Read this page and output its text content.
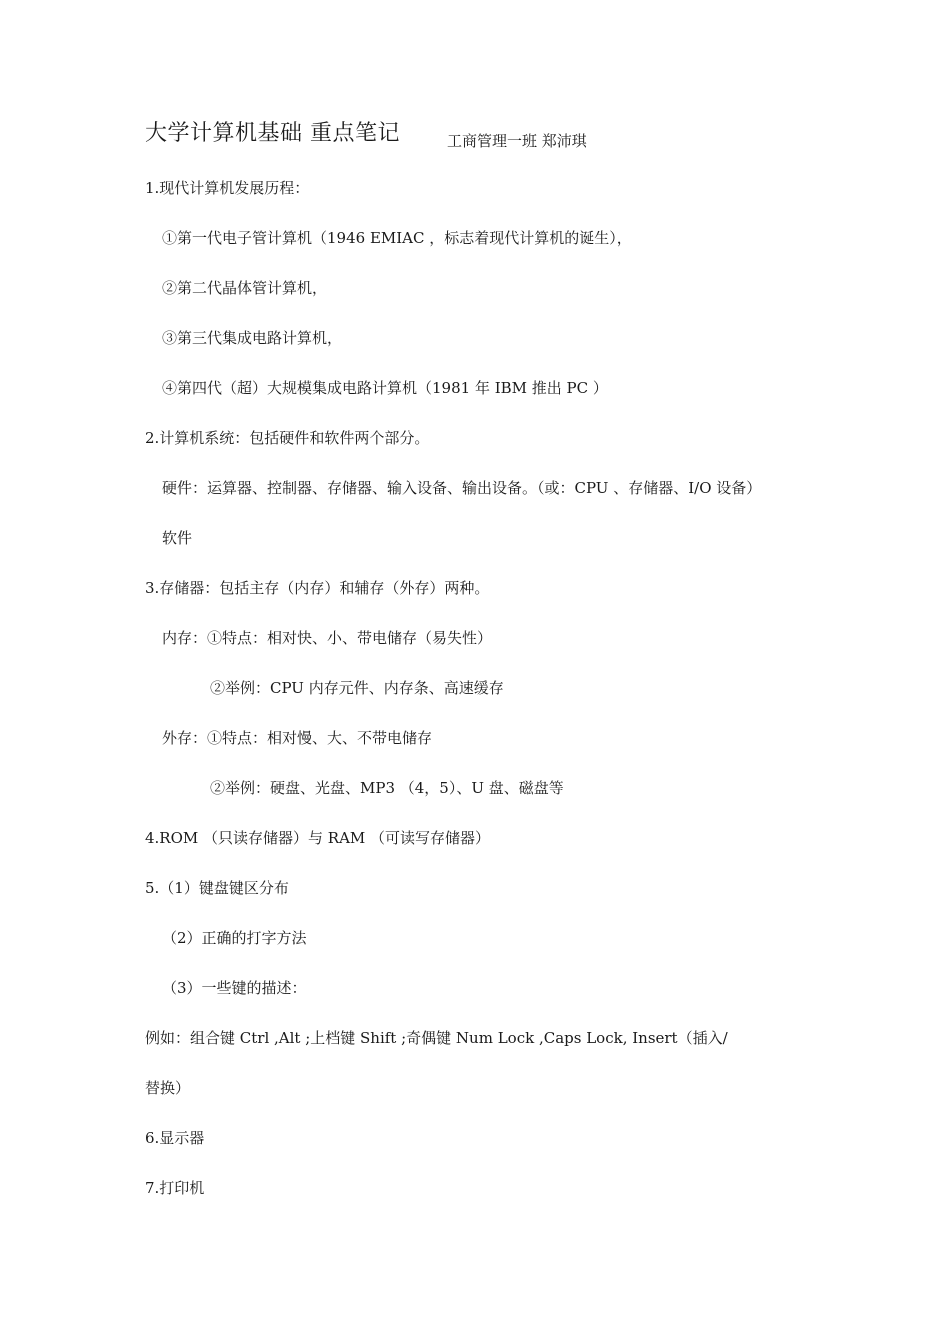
大学计算机基础 重点笔记	工商管理一班 郑沛琪
1.现代计算机发展历程：
①第一代电子管计算机（1946 EMIAC ，标志着现代计算机的诞生），
②第二代晶体管计算机，
③第三代集成电路计算机，
④第四代（超）大规模集成电路计算机（1981 年 IBM 推出 PC ）
2.计算机系统：包括硬件和软件两个部分。
硬件：运算器、控制器、存储器、输入设备、输出设备。（或：CPU 、存储器、I/O 设备）
软件
3.存储器：包括主存（内存）和辅存（外存）两种。
内存：①特点：相对快、小、带电储存（易失性）
②举例：CPU 内存元件、内存条、高速缓存
外存：①特点：相对慢、大、不带电储存
②举例：硬盘、光盘、MP3 （4，5）、U 盘、磁盘等
4.ROM （只读存储器）与 RAM （可读写存储器）
5.（1）键盘键区分布
（2）正确的打字方法
（3）一些键的描述：
例如：组合键 Ctrl ,Alt ;上档键 Shift ;奇偶键 Num Lock ,Caps Lock, Insert（插入/
替换）
6.显示器
7.打印机
